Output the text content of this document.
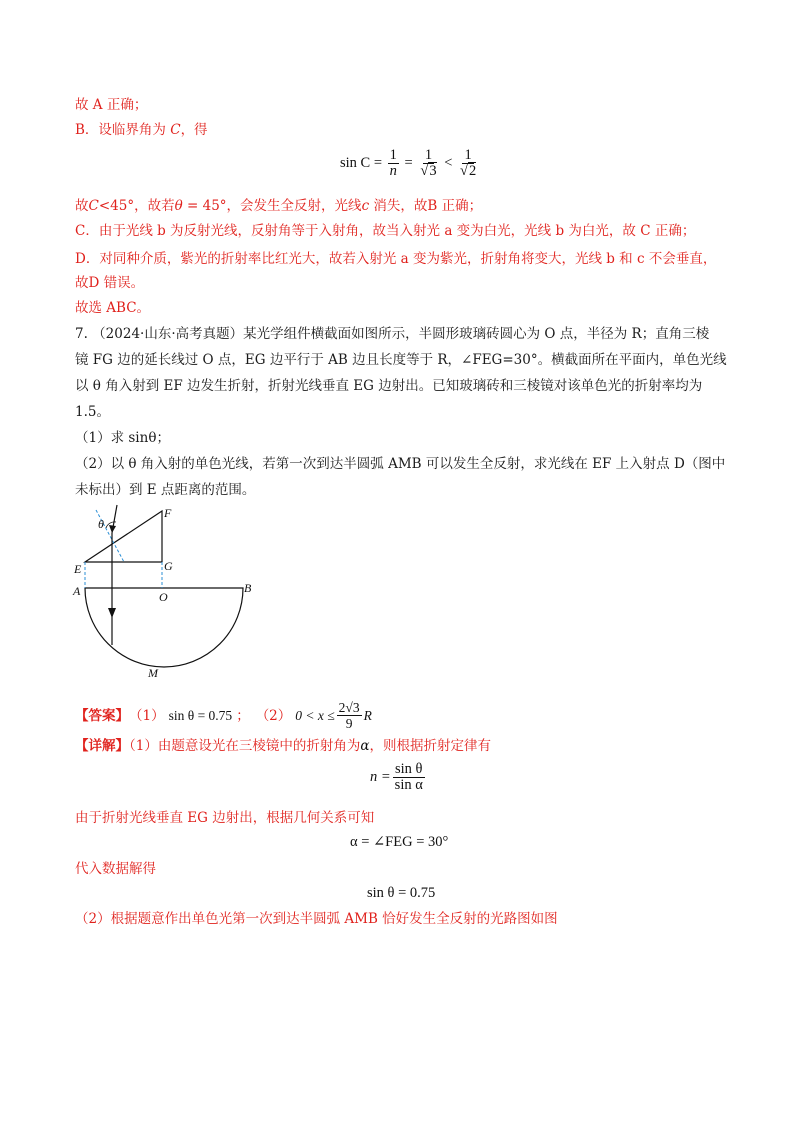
故 A 正确；
B．设临界角为 C，得
$\sin C = \frac{1}{n} = \frac{1}{√3} < \frac{1}{√2}$
故C<45°，故若θ = 45°，会发生全反射，光线c 消失，故B 正确；
C．由于光线 b 为反射光线，反射角等于入射角，故当入射光 a 变为白光，光线 b 为白光，故 C 正确；
D．对同种介质，紫光的折射率比红光大，故若入射光 a 变为紫光，折射角将变大，光线 b 和 c 不会垂直，
故D 错误。
故选 ABC。
7. （2024·山东·高考真题）某光学组件横截面如图所示，半圆形玻璃砖圆心为 O 点，半径为 R；直角三棱
镜 FG 边的延长线过 O 点，EG 边平行于 AB 边且长度等于 R，∠FEG=30°。横截面所在平面内，单色光线
以 θ 角入射到 EF 边发生折射，折射光线垂直 EG 边射出。已知玻璃砖和三棱镜对该单色光的折射率均为
1.5。
（1）求 sinθ；
（2）以 θ 角入射的单色光线，若第一次到达半圆弧 AMB 可以发生全反射，求光线在 EF 上入射点 D（图中
未标出）到 E 点距离的范围。
F
θ
E	G
A	O
B
M
【答案】 （1） sin θ = 0.75 ； （2） $0 < x \le \frac{2√3}{9}$ R
【详解】（1）由题意设光在三棱镜中的折射角为α，则根据折射定律有
$n = \frac{\text{sin θ}}{\text{sin α}}$
由于折射光线垂直 EG 边射出，根据几何关系可知
α = ∠FEG = 30°
代入数据解得
sin θ = 0.75
（2）根据题意作出单色光第一次到达半圆弧 AMB 恰好发生全反射的光路图如图
